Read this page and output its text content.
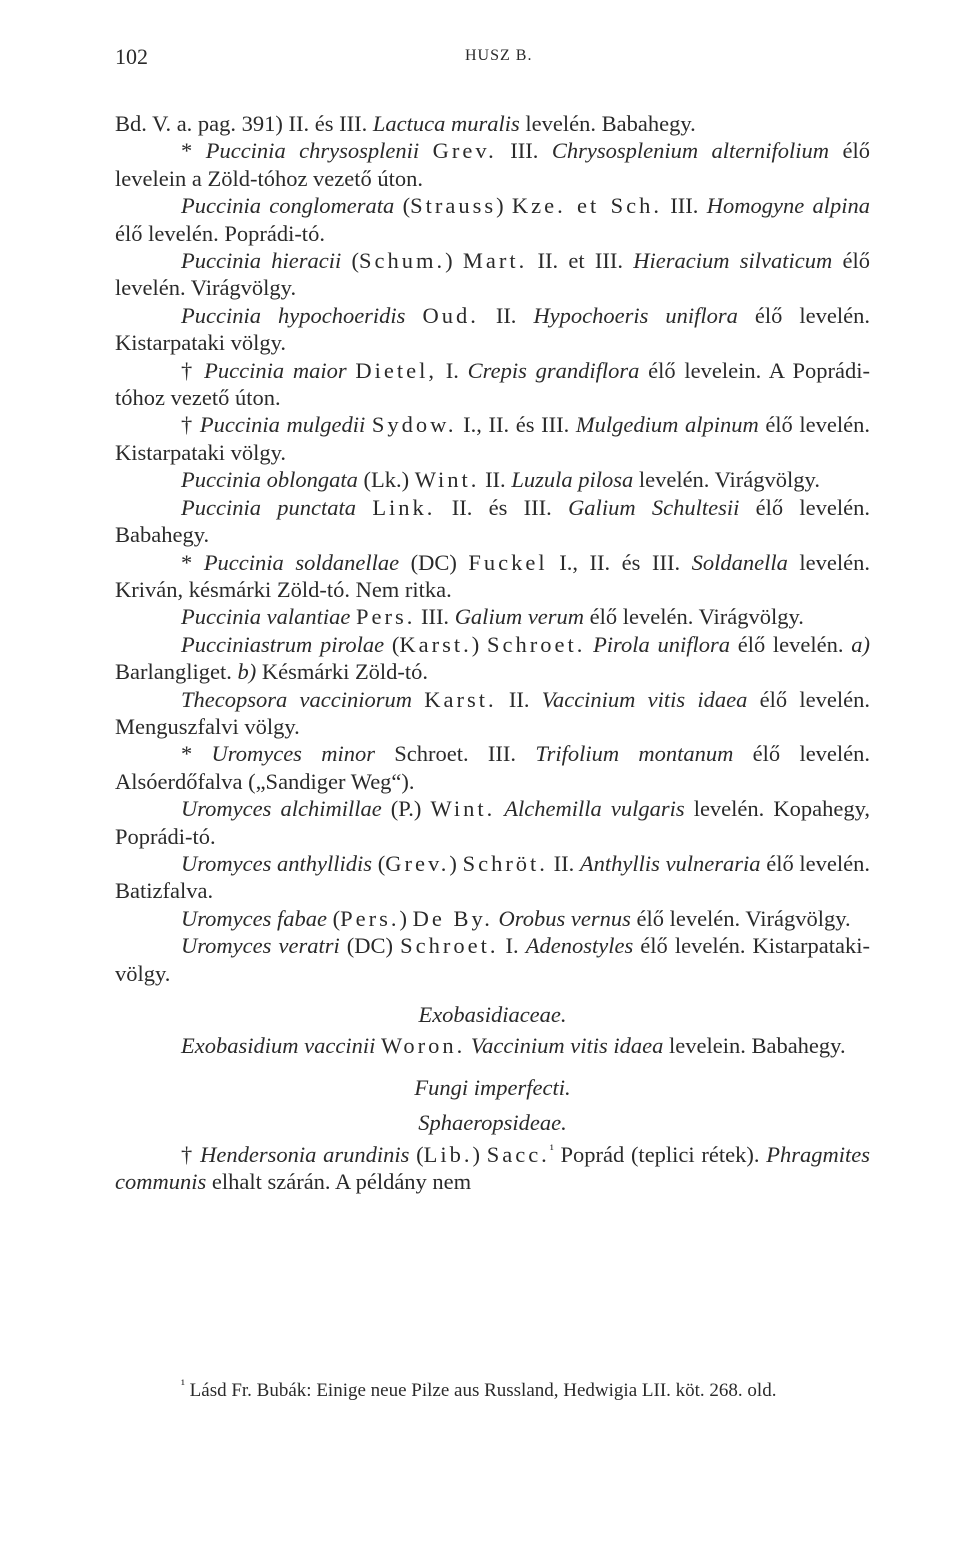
102	HUSZ B.

Bd. V. a. pag. 391) II. és III. Lactuca muralis levelén. Babahegy.

* Puccinia chrysosplenii Grev. III. Chrysosplenium alternifolium élő levelein a Zöld-tóhoz vezető úton.

Puccinia conglomerata (Strauss) Kze. et Sch. III. Homogyne alpina élő levelén. Poprádi-tó.

Puccinia hieracii (Schum.) Mart. II. et III. Hieracium silvaticum élő levelén. Virágvölgy.

Puccinia hypochoeridis Oud. II. Hypochoeris uniflora élő levelén. Kistarpataki völgy.

† Puccinia maior Dietel, I. Crepis grandiflora élő levelein. A Poprádi-tóhoz vezető úton.

† Puccinia mulgedii Sydow. I., II. és III. Mulgedium alpinum élő levelén. Kistarpataki völgy.

Puccinia oblongata (Lk.) Wint. II. Luzula pilosa levelén. Virágvölgy.

Puccinia punctata Link. II. és III. Galium Schultesii élő levelén. Babahegy.

* Puccinia soldanellae (DC) Fuckel I., II. és III. Soldanella levelén. Kriván, késmárki Zöld-tó. Nem ritka.

Puccinia valantiae Pers. III. Galium verum élő levelén. Virágvölgy.

Pucciniastrum pirolae (Karst.) Schroet. Pirola uniflora élő levelén. a) Barlangliget. b) Késmárki Zöld-tó.

Thecopsora vacciniorum Karst. II. Vaccinium vitis idaea élő levelén. Menguszfalvi völgy.

* Uromyces minor Schroet. III. Trifolium montanum élő levelén. Alsóerdőfalva („Sandiger Weg“).

Uromyces alchimillae (P.) Wint. Alchemilla vulgaris levelén. Kopahegy, Poprádi-tó.

Uromyces anthyllidis (Grev.) Schröt. II. Anthyllis vulneraria élő levelén. Batizfalva.

Uromyces fabae (Pers.) De By. Orobus vernus élő levelén. Virágvölgy.

Uromyces veratri (DC) Schroet. I. Adenostyles élő levelén. Kistarpataki-völgy.

Exobasidiaceae.

Exobasidium vaccinii Woron. Vaccinium vitis idaea levelein. Babahegy.

Fungi imperfecti.
Sphaeropsideae.

† Hendersonia arundinis (Lib.) Sacc.$^{^1}$ Poprád (teplici rétek). Phragmites communis elhalt szárán. A példány nem

$^{^1}$ Lásd Fr. Bubák: Einige neue Pilze aus Russland, Hedwigia LII. köt. 268. old.
